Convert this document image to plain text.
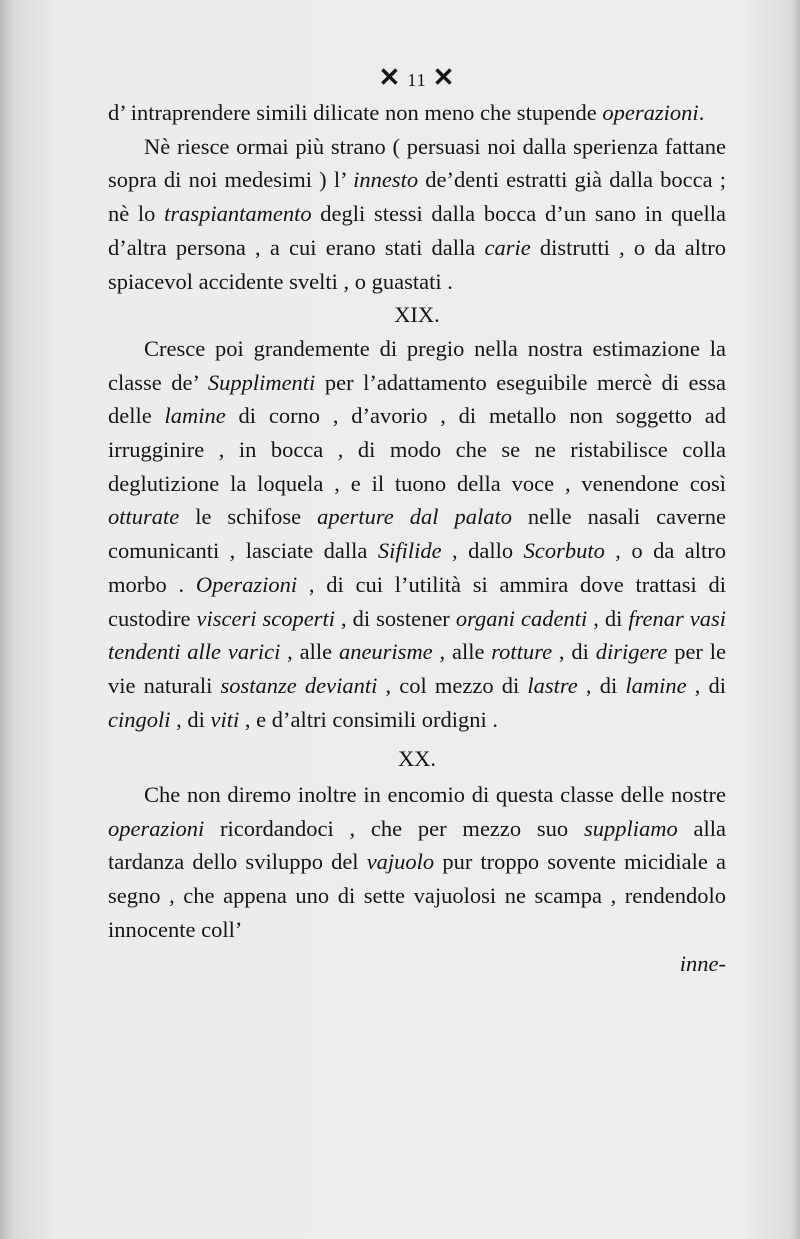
✕ 11 ✕

d’ intraprendere simili dilicate non meno che stupende operazioni.

Nè riesce ormai più strano ( persuasi noi dalla sperienza fattane sopra di noi medesimi ) l’ innesto de’denti estratti già dalla bocca ; nè lo traspiantamento degli stessi dalla bocca d’un sano in quella d’altra persona , a cui erano stati dalla carie distrutti , o da altro spiacevol accidente svelti , o guastati .

XIX.

Cresce poi grandemente di pregio nella nostra estimazione la classe de’ Supplimenti per l’adattamento eseguibile mercè di essa delle lamine di corno , d’avorio , di metallo non soggetto ad irrugginire , in bocca , di modo che se ne ristabilisce colla deglutizione la loquela , e il tuono della voce , venendone così otturate le schifose aperture dal palato nelle nasali caverne comunicanti , lasciate dalla Sifilide , dallo Scorbuto , o da altro morbo . Operazioni , di cui l’utilità si ammira dove trattasi di custodire visceri scoperti , di sostener organi cadenti , di frenar vasi tendenti alle varici , alle aneurisme , alle rotture , di dirigere per le vie naturali sostanze devianti , col mezzo di lastre , di lamine , di cingoli , di viti , e d’altri consimili ordigni .

XX.

Che non diremo inoltre in encomio di questa classe delle nostre operazioni ricordandoci , che per mezzo suo suppliamo alla tardanza dello sviluppo del vajuolo pur troppo sovente micidiale a segno , che appena uno di sette vajuolosi ne scampa , rendendolo innocente coll’

inne-
